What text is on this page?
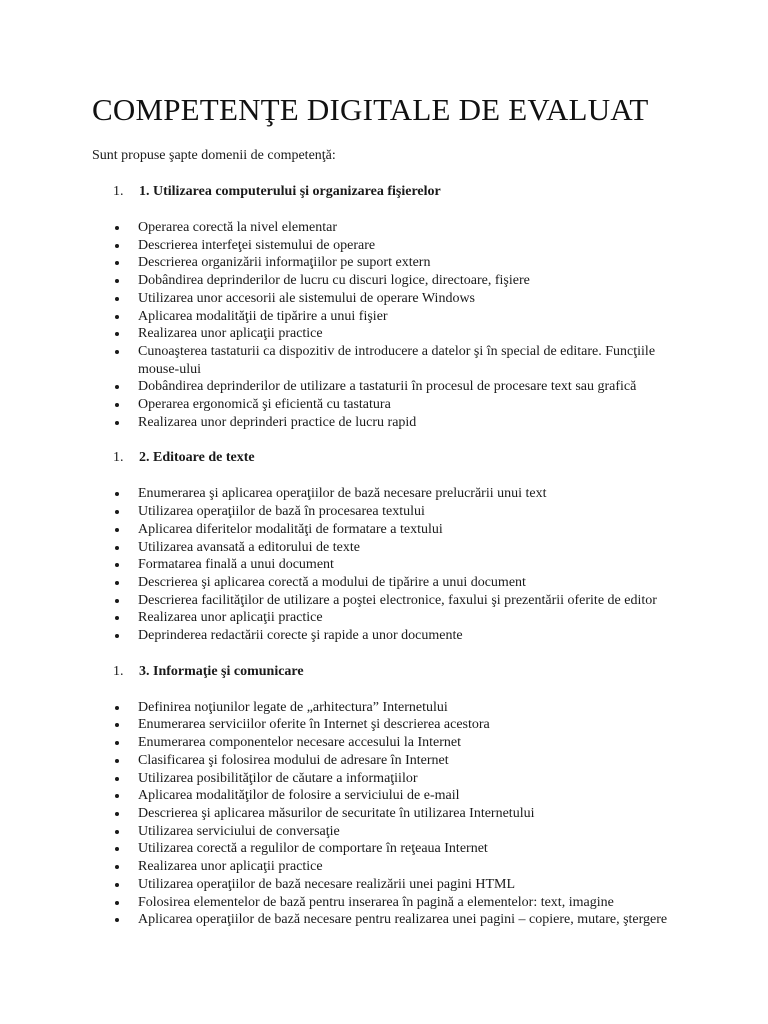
COMPETENŢE DIGITALE DE EVALUAT
Sunt propuse şapte domenii de competenţă:
1.	1. Utilizarea computerului şi organizarea fişierelor
Operarea corectă la nivel elementar
Descrierea interfeţei sistemului de operare
Descrierea organizării informaţiilor pe suport extern
Dobândirea deprinderilor de lucru cu discuri logice, directoare, fişiere
Utilizarea unor accesorii ale sistemului de operare Windows
Aplicarea modalităţii de tipărire a unui fişier
Realizarea unor aplicaţii practice
Cunoaşterea tastaturii ca dispozitiv de introducere a datelor şi în special de editare. Funcţiile mouse-ului
Dobândirea deprinderilor de utilizare a tastaturii în procesul de procesare text sau grafică
Operarea ergonomică şi eficientă cu tastatura
Realizarea unor deprinderi practice de lucru rapid
1.	2. Editoare de texte
Enumerarea şi aplicarea operaţiilor de bază necesare prelucrării unui text
Utilizarea operaţiilor de bază în procesarea textului
Aplicarea diferitelor modalităţi de formatare a textului
Utilizarea avansată a editorului de texte
Formatarea finală a unui document
Descrierea şi aplicarea corectă a modului de tipărire a unui document
Descrierea facilităţilor de utilizare a poştei electronice, faxului şi prezentării oferite de editor
Realizarea unor aplicaţii practice
Deprinderea redactării corecte şi rapide a unor documente
1.	3. Informaţie şi comunicare
Definirea noţiunilor legate de „arhitectura” Internetului
Enumerarea serviciilor oferite în Internet şi descrierea acestora
Enumerarea componentelor necesare accesului la Internet
Clasificarea şi folosirea modului de adresare în Internet
Utilizarea posibilităţilor de căutare a informaţiilor
Aplicarea modalităţilor de folosire a serviciului de e-mail
Descrierea şi aplicarea măsurilor de securitate în utilizarea Internetului
Utilizarea serviciului de conversaţie
Utilizarea corectă a regulilor de comportare în reţeaua Internet
Realizarea unor aplicaţii practice
Utilizarea operaţiilor de bază necesare realizării unei pagini HTML
Folosirea elementelor de bază pentru inserarea în pagină a elementelor: text, imagine
Aplicarea operaţiilor de bază necesare pentru realizarea unei pagini – copiere, mutare, ştergere
